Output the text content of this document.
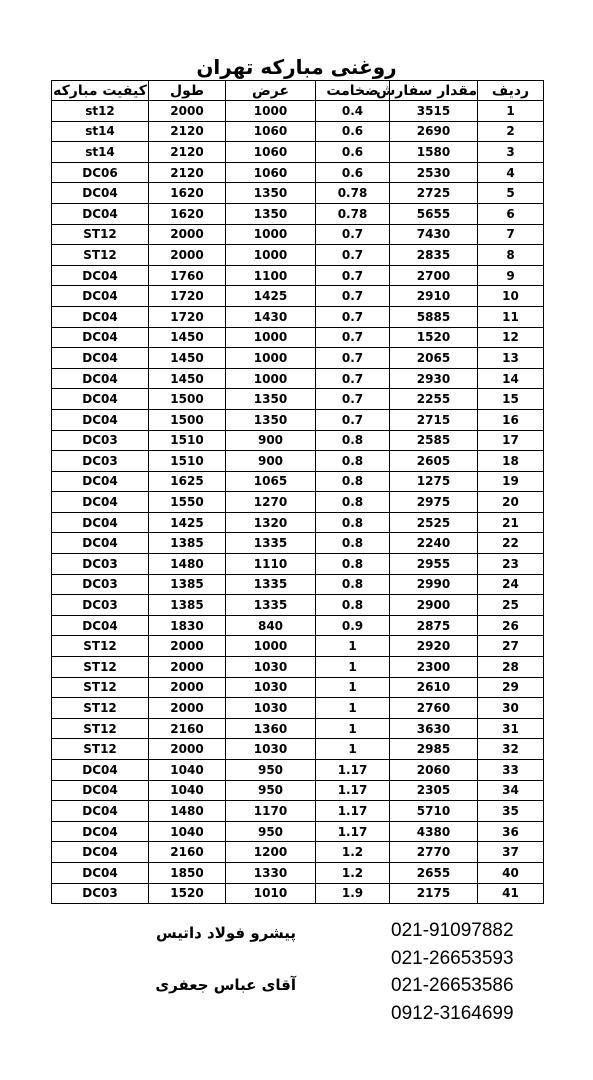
روغنی مبارکه تهران
کیفیت مبارکه	طول	عرض	ضخامت	مقدار سفارش	ردیف
st12	2000	1000	0.4	3515	1
st14	2120	1060	0.6	2690	2
st14	2120	1060	0.6	1580	3
DC06	2120	1060	0.6	2530	4
DC04	1620	1350	0.78	2725	5
DC04	1620	1350	0.78	5655	6
ST12	2000	1000	0.7	7430	7
ST12	2000	1000	0.7	2835	8
DC04	1760	1100	0.7	2700	9
DC04	1720	1425	0.7	2910	10
DC04	1720	1430	0.7	5885	11
DC04	1450	1000	0.7	1520	12
DC04	1450	1000	0.7	2065	13
DC04	1450	1000	0.7	2930	14
DC04	1500	1350	0.7	2255	15
DC04	1500	1350	0.7	2715	16
DC03	1510	900	0.8	2585	17
DC03	1510	900	0.8	2605	18
DC04	1625	1065	0.8	1275	19
DC04	1550	1270	0.8	2975	20
DC04	1425	1320	0.8	2525	21
DC04	1385	1335	0.8	2240	22
DC03	1480	1110	0.8	2955	23
DC03	1385	1335	0.8	2990	24
DC03	1385	1335	0.8	2900	25
DC04	1830	840	0.9	2875	26
ST12	2000	1000	1	2920	27
ST12	2000	1030	1	2300	28
ST12	2000	1030	1	2610	29
ST12	2000	1030	1	2760	30
ST12	2160	1360	1	3630	31
ST12	2000	1030	1	2985	32
DC04	1040	950	1.17	2060	33
DC04	1040	950	1.17	2305	34
DC04	1480	1170	1.17	5710	35
DC04	1040	950	1.17	4380	36
DC04	2160	1200	1.2	2770	37
DC04	1850	1330	1.2	2655	40
DC03	1520	1010	1.9	2175	41
پیشرو فولاد داتیس
آقای عباس جعفری
021-91097882
021-26653593
021-26653586
0912-3164699
